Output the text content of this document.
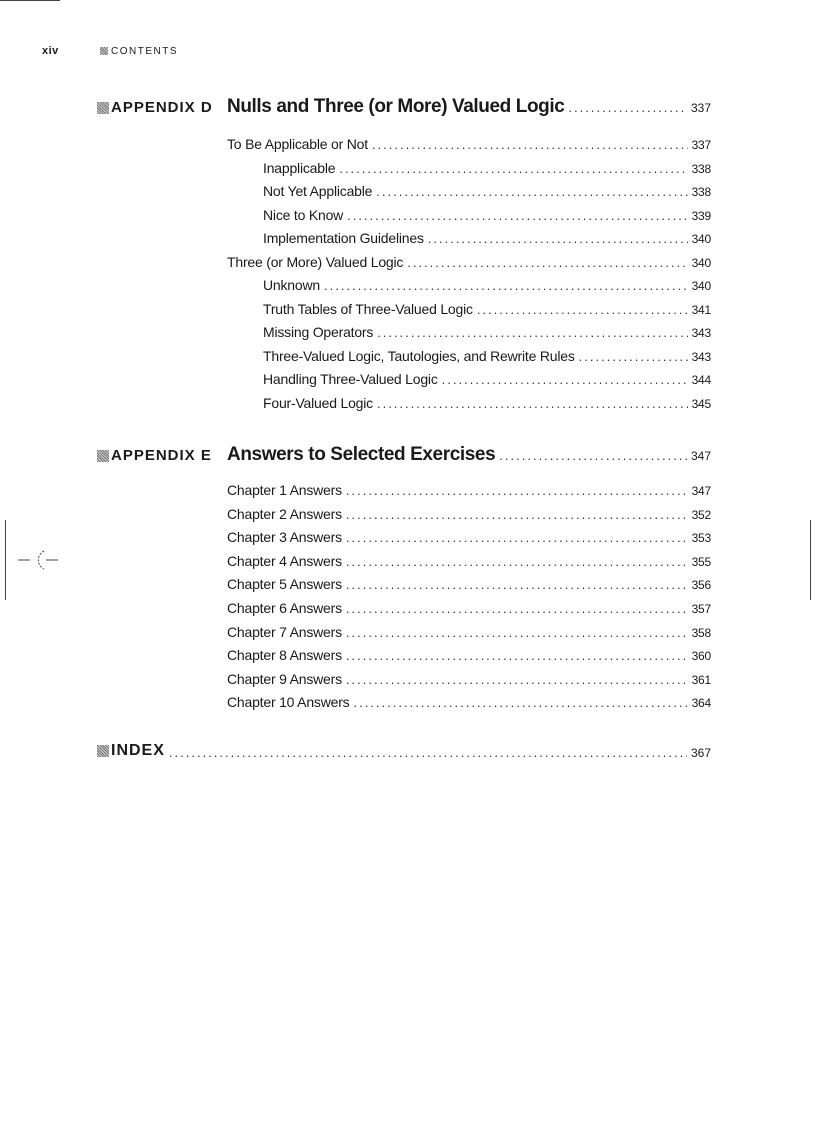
xiv	CONTENTS
APPENDIX D Nulls and Three (or More) Valued Logic .....	337
To Be Applicable or Not .....	337
Inapplicable .....	338
Not Yet Applicable .....	338
Nice to Know .....	339
Implementation Guidelines .....	340
Three (or More) Valued Logic .....	340
Unknown .....	340
Truth Tables of Three-Valued Logic .....	341
Missing Operators .....	343
Three-Valued Logic, Tautologies, and Rewrite Rules .....	343
Handling Three-Valued Logic .....	344
Four-Valued Logic .....	345
APPENDIX E Answers to Selected Exercises .....	347
Chapter 1 Answers .....	347
Chapter 2 Answers .....	352
Chapter 3 Answers .....	353
Chapter 4 Answers .....	355
Chapter 5 Answers .....	356
Chapter 6 Answers .....	357
Chapter 7 Answers .....	358
Chapter 8 Answers .....	360
Chapter 9 Answers .....	361
Chapter 10 Answers .....	364
INDEX .....	367
